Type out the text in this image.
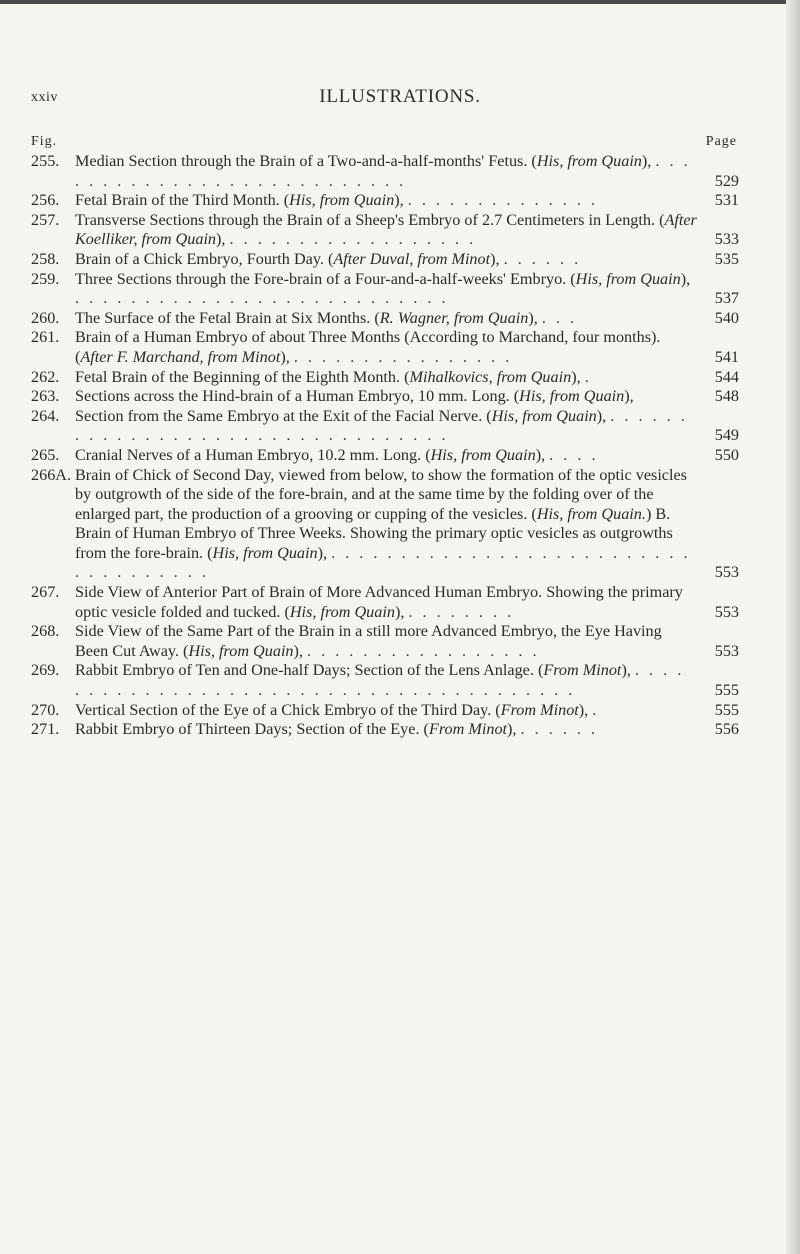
xxiv	ILLUSTRATIONS.
Fig.	Page
255. Median Section through the Brain of a Two-and-a-half-months' Fetus. (His, from Quain), . . . . . . . . . . . . . . . . . . . . . . . . . . .	529
256. Fetal Brain of the Third Month. (His, from Quain), . . . . . . . . . . . . . .	531
257. Transverse Sections through the Brain of a Sheep's Embryo of 2.7 Centimeters in Length. (After Koelliker, from Quain), . . . . . . . . . . . . . . . . . .	533
258. Brain of a Chick Embryo, Fourth Day. (After Duval, from Minot), . . . . . .	535
259. Three Sections through the Fore-brain of a Four-and-a-half-weeks' Embryo. (His, from Quain), . . . . . . . . . . . . . . . . . . . . . . . . . . .	537
260. The Surface of the Fetal Brain at Six Months. (R. Wagner, from Quain), . . .	540
261. Brain of a Human Embryo of about Three Months (According to Marchand, four months). (After F. Marchand, from Minot), . . . . . . . . . . . . . . . .	541
262. Fetal Brain of the Beginning of the Eighth Month. (Mihalkovics, from Quain), .	544
263. Sections across the Hind-brain of a Human Embryo, 10 mm. Long. (His, from Quain),	548
264. Section from the Same Embryo at the Exit of the Facial Nerve. (His, from Quain), . . . . . . . . . . . . . . . . . . . . . . . . . . . . . . . . .	549
265. Cranial Nerves of a Human Embryo, 10.2 mm. Long. (His, from Quain), . . . .	550
266A. Brain of Chick of Second Day, viewed from below, to show the formation of the optic vesicles by outgrowth of the side of the fore-brain, and at the same time by the folding over of the enlarged part, the production of a grooving or cupping of the vesicles. (His, from Quain.) B. Brain of Human Embryo of Three Weeks. Showing the primary optic vesicles as outgrowths from the fore-brain. (His, from Quain), . . . . . . . . . . . . . . . . . . . . . . . . . . . . . . . . . . . .	553
267. Side View of Anterior Part of Brain of More Advanced Human Embryo. Showing the primary optic vesicle folded and tucked. (His, from Quain), . . . . . . . .	553
268. Side View of the Same Part of the Brain in a still more Advanced Embryo, the Eye Having Been Cut Away. (His, from Quain), . . . . . . . . . . . . . . . . .	553
269. Rabbit Embryo of Ten and One-half Days; Section of the Lens Anlage. (From Minot), . . . . . . . . . . . . . . . . . . . . . . . . . . . . . . . . . . . . . . . .	555
270. Vertical Section of the Eye of a Chick Embryo of the Third Day. (From Minot), .	555
271. Rabbit Embryo of Thirteen Days; Section of the Eye. (From Minot), . . . . . .	556
